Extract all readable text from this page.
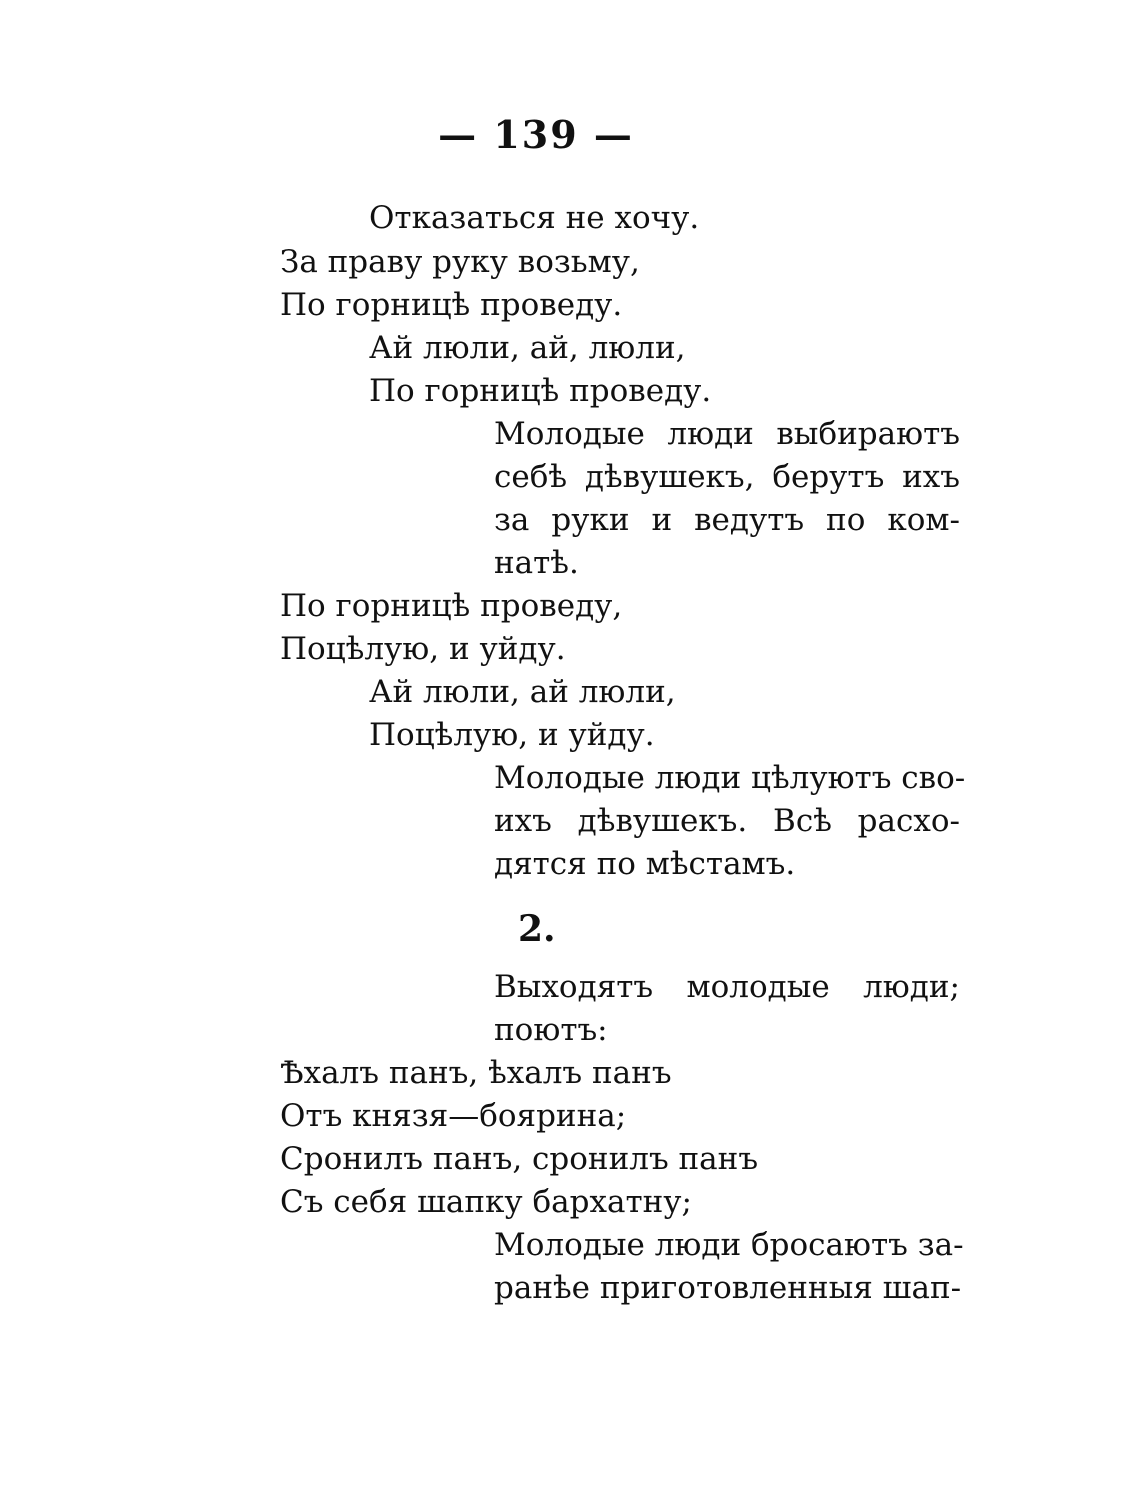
— 139 —
Отказаться не хочу.
За праву руку возьму,
По горницѣ проведу.
Ай люли, ай, люли,
По горницѣ проведу.
Молодые люди выбираютъ
себѣ дѣвушекъ, берутъ ихъ
за руки и ведутъ по ком-
натѣ.
По горницѣ проведу,
Поцѣлую, и уйду.
Ай люли, ай люли,
Поцѣлую, и уйду.
Молодые люди цѣлуютъ сво-
ихъ дѣвушекъ. Всѣ расхо-
дятся по мѣстамъ.
2.
Выходятъ молодые люди;
поютъ:
Ѣхалъ панъ, ѣхалъ панъ
Отъ князя—боярина;
Сронилъ панъ, сронилъ панъ
Съ себя шапку бархатну;
Молодые люди бросаютъ за-
ранѣе приготовленныя шап-
